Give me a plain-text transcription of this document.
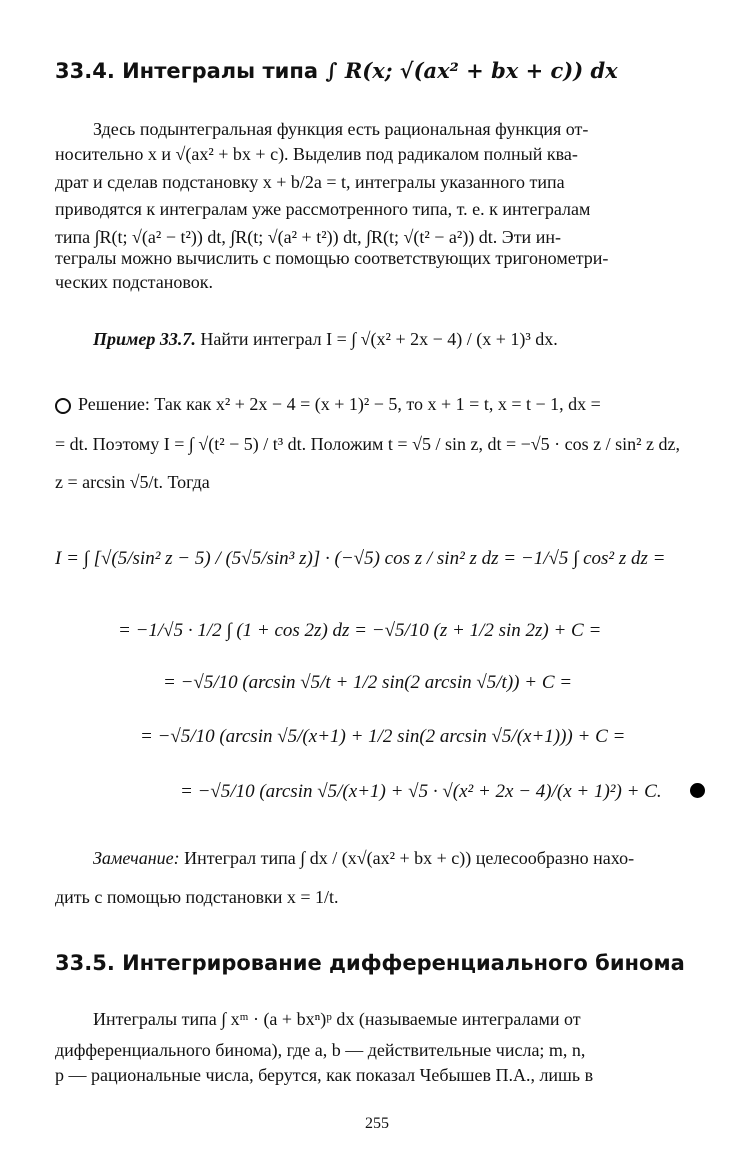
33.4. Интегралы типа ∫ R(x; √(ax² + bx + c)) dx
Здесь подынтегральная функция есть рациональная функция от-
носительно x и √(ax² + bx + c). Выделив под радикалом полный ква-
драт и сделав подстановку x + b/2a = t, интегралы указанного типа
приводятся к интегралам уже рассмотренного типа, т. е. к интегралам
типа ∫R(t; √(a² − t²)) dt, ∫R(t; √(a² + t²)) dt, ∫R(t; √(t² − a²)) dt. Эти ин-
тегралы можно вычислить с помощью соответствующих тригонометри-
ческих подстановок.
Пример 33.7. Найти интеграл I = ∫ √(x² + 2x − 4) / (x + 1)³ dx.
Решение: Так как x² + 2x − 4 = (x + 1)² − 5, то x + 1 = t, x = t − 1, dx =
= dt. Поэтому I = ∫ √(t² − 5) / t³ dt. Положим t = √5 / sin z, dt = −√5 · cos z / sin² z dz,
z = arcsin √5/t. Тогда
I = ∫ [√(5/sin² z − 5) / (5√5/sin³ z)] · (−√5) cos z / sin² z dz = −1/√5 ∫ cos² z dz =
= −1/√5 · 1/2 ∫ (1 + cos 2z) dz = −√5/10 (z + 1/2 sin 2z) + C =
= −√5/10 (arcsin √5/t + 1/2 sin(2 arcsin √5/t)) + C =
= −√5/10 (arcsin √5/(x+1) + 1/2 sin(2 arcsin √5/(x+1))) + C =
= −√5/10 (arcsin √5/(x+1) + √5 · √(x² + 2x − 4)/(x + 1)²) + C.
Замечание: Интеграл типа ∫ dx / (x√(ax² + bx + c)) целесообразно нахо-
дить с помощью подстановки x = 1/t.
33.5. Интегрирование дифференциального бинома
Интегралы типа ∫ xᵐ · (a + bxⁿ)ᵖ dx (называемые интегралами от
дифференциального бинома), где a, b — действительные числа; m, n,
p — рациональные числа, берутся, как показал Чебышев П.А., лишь в
255
